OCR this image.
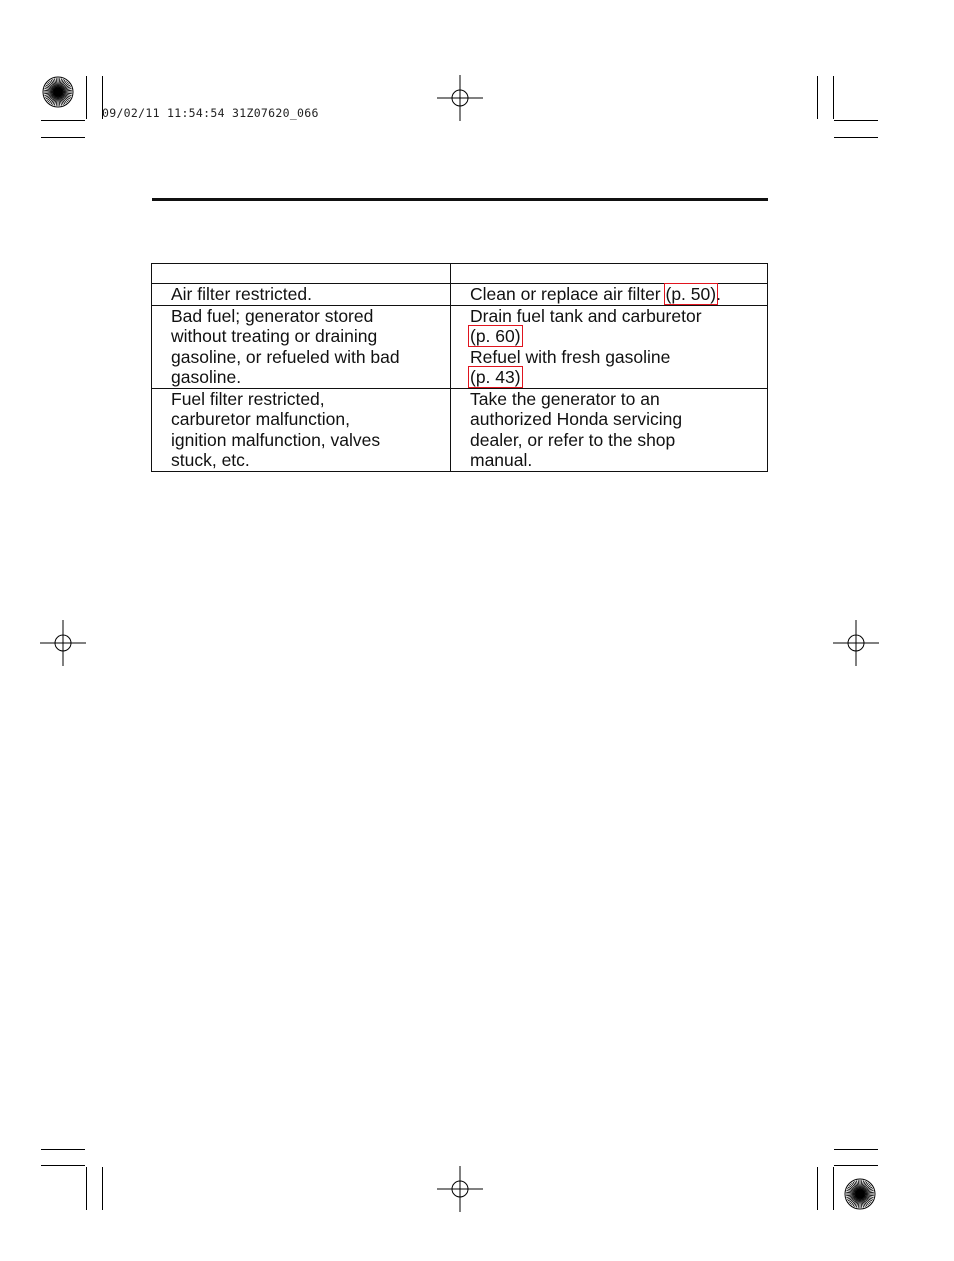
09/02/11 11:54:54 31Z07620_066

Air filter restricted.	Clean or replace air filter (p. 50).

Bad fuel; generator stored
without treating or draining
gasoline, or refueled with bad
gasoline.	Drain fuel tank and carburetor
(p. 60)
Refuel with fresh gasoline
(p. 43)

Fuel filter restricted,
carburetor malfunction,
ignition malfunction, valves
stuck, etc.	Take the generator to an
authorized Honda servicing
dealer, or refer to the shop
manual.
